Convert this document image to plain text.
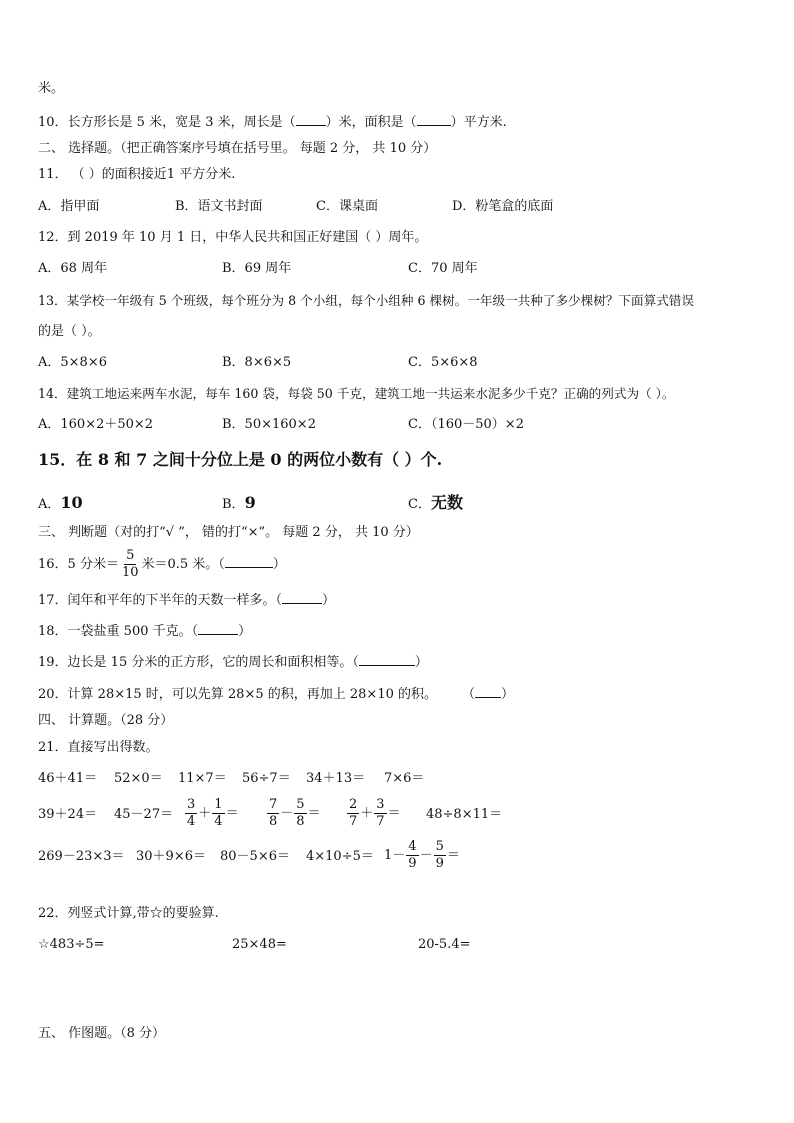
米。
10．长方形长是 5 米，宽是 3 米，周长是（ ）米，面积是（	）平方米.
二、 选择题。（把正确答案序号填在括号里。 每题 2 分， 共 10 分）
11． （ ）的面积接近1 平方分米.
A．指甲面	B．语文书封面	C．课桌面	D．粉笔盒的底面
12．到 2019 年 10 月 1 日，中华人民共和国正好建国（ ）周年。
A．68 周年	B．69 周年	C．70 周年
13．某学校一年级有 5 个班级，每个班分为 8 个小组，每个小组种 6 棵树。一年级一共种了多少棵树？下面算式错误
的是（ ）。
A．5×8×6	B．8×6×5	C．5×6×8
14．建筑工地运来两车水泥，每车 160 袋，每袋 50 千克，建筑工地一共运来水泥多少千克？正确的列式为（ ）。
A．160×2＋50×2	B．50×160×2	C．（160－50）×2
15．在 8 和 7 之间十分位上是 0 的两位小数有（ ）个.
A．10	B．9	C．无数
三、 判断题（对的打“√ ”， 错的打“×”。 每题 2 分， 共 10 分）
16．5 分米＝ $\frac{5}{10}$ 米＝0.5 米。（	）
17．闰年和平年的下半年的天数一样多。（	）
18．一袋盐重 500 千克。（	）
19．边长是 15 分米的正方形，它的周长和面积相等。（	）
20．计算 28×15 时，可以先算 28×5 的积，再加上 28×10 的积。 （ ）
四、 计算题。（28 分）
21．直接写出得数。
46＋41＝ 52×0＝ 11×7＝ 56÷7＝ 34＋13＝ 7×6＝
$39+24= 45-27= \frac{3}{4} + \frac{1}{4} = \frac{7}{8} - \frac{5}{8} = \frac{2}{7} + \frac{3}{7} = 48\div 8\times 11=$
$269-23\times 3= 30+9\times 6= 80-5\times 6= 4\times 10\div 5= 1- \frac{4}{9} - \frac{5}{9}$ ＝
22．列竖式计算,带☆的要验算.
☆483÷5=	25×48=	20-5.4=
五、 作图题。（8 分）
